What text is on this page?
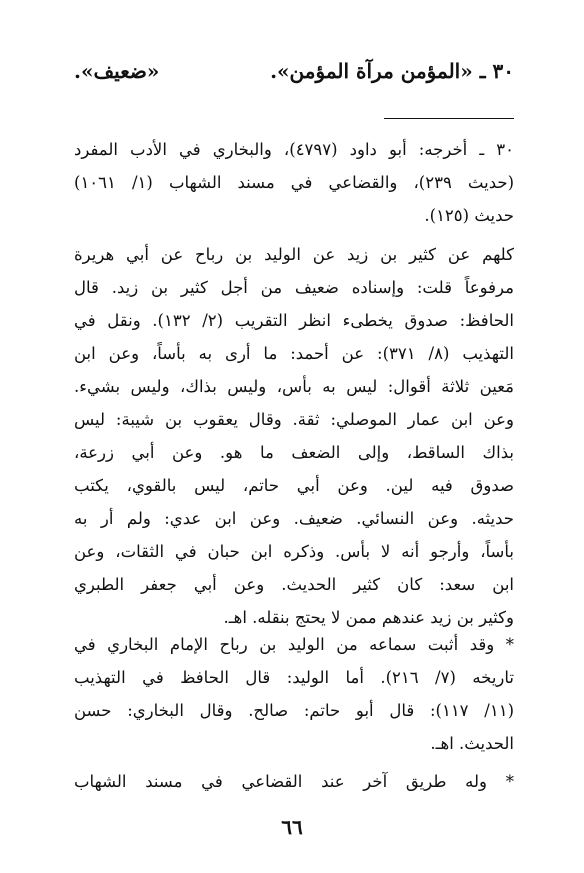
٣٠ ـ «المؤمن مرآة المؤمن».
«ضعيف».
٣٠ ـ أخرجه: أبو داود (٤٧٩٧)، والبخاري في الأدب المفرد
(حديث ٢٣٩)، والقضاعي في مسند الشهاب (١/ ١٠٦١)
حديث (١٢٥).
كلهم عن كثير بن زيد عن الوليد بن رباح عن أبي هريرة
مرفوعاً قلت: وإسناده ضعيف من أجل كثير بن زيد. قال
الحافظ: صدوق يخطىء انظر التقريب (٢/ ١٣٢). ونقل في
التهذيب (٨/ ٣٧١): عن أحمد: ما أرى به بأساً، وعن ابن
مَعين ثلاثة أقوال: ليس به بأس، وليس بذاك، وليس بشيء.
وعن ابن عمار الموصلي: ثقة. وقال يعقوب بن شيبة: ليس
بذاك الساقط، وإلى الضعف ما هو. وعن أبي زرعة،
صدوق فيه لين. وعن أبي حاتم، ليس بالقوي، يكتب
حديثه. وعن النسائي. ضعيف. وعن ابن عدي: ولم أر به
بأساً، وأرجو أنه لا بأس. وذكره ابن حبان في الثقات، وعن
ابن سعد: كان كثير الحديث. وعن أبي جعفر الطبري
وكثير بن زيد عندهم ممن لا يحتج بنقله. اهـ.
* وقد أثبت سماعه من الوليد بن رباح الإمام البخاري في
تاريخه (٧/ ٢١٦). أما الوليد: قال الحافظ في التهذيب
(١١/ ١١٧): قال أبو حاتم: صالح. وقال البخاري: حسن
الحديث. اهـ.
* وله طريق آخر عند القضاعي في مسند الشهاب
٦٦
